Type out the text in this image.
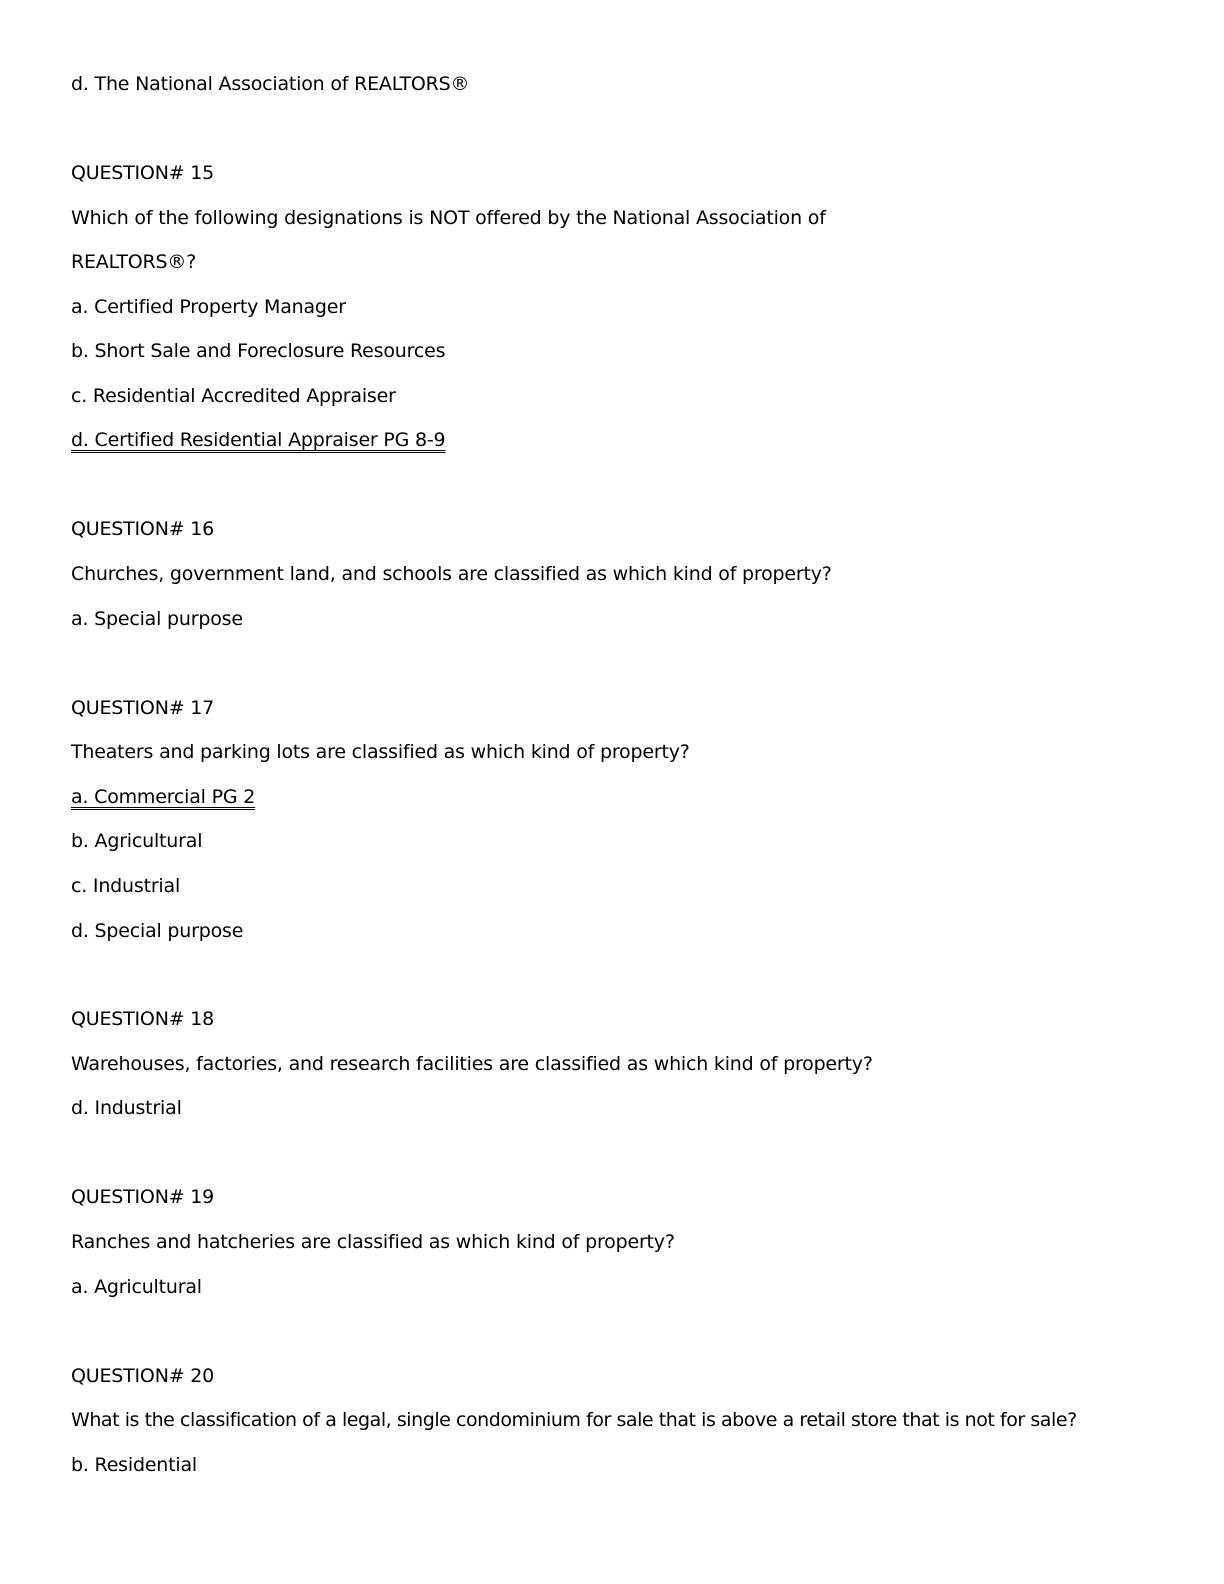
d. The National Association of REALTORS®
QUESTION# 15
Which of the following designations is NOT offered by the National Association of
REALTORS®?
a. Certified Property Manager
b. Short Sale and Foreclosure Resources
c. Residential Accredited Appraiser
d. Certified Residential Appraiser PG 8-9
QUESTION# 16
Churches, government land, and schools are classified as which kind of property?
a. Special purpose
QUESTION# 17
Theaters and parking lots are classified as which kind of property?
a. Commercial PG 2
b. Agricultural
c. Industrial
d. Special purpose
QUESTION# 18
Warehouses, factories, and research facilities are classified as which kind of property?
d. Industrial
QUESTION# 19
Ranches and hatcheries are classified as which kind of property?
a. Agricultural
QUESTION# 20
What is the classification of a legal, single condominium for sale that is above a retail store that is not for sale?
b. Residential
